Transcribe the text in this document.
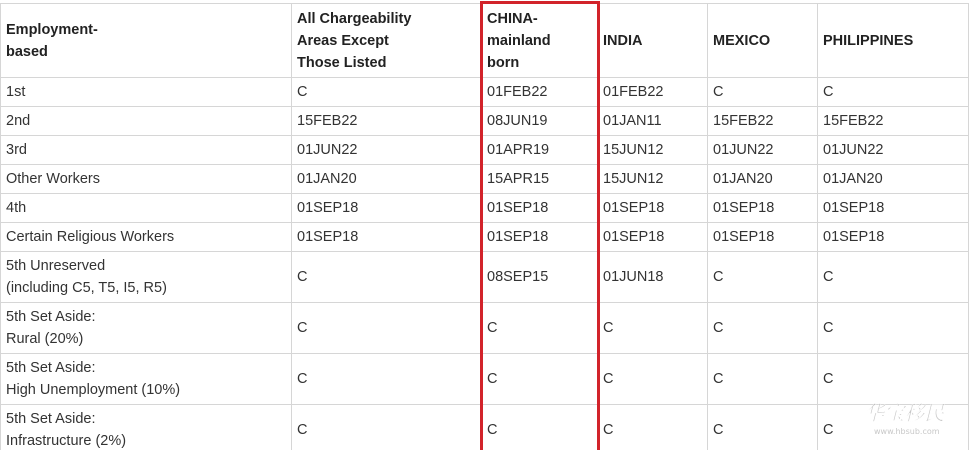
Employment-
based	All Chargeability
Areas Except
Those Listed	CHINA-
mainland
born	INDIA	MEXICO	PHILIPPINES
1st	C	01FEB22	01FEB22	C	C
2nd	15FEB22	08JUN19	01JAN11	15FEB22	15FEB22
3rd	01JUN22	01APR19	15JUN12	01JUN22	01JUN22
Other Workers	01JAN20	15APR15	15JUN12	01JAN20	01JAN20
4th	01SEP18	01SEP18	01SEP18	01SEP18	01SEP18
Certain Religious Workers	01SEP18	01SEP18	01SEP18	01SEP18	01SEP18
5th Unreserved
(including C5, T5, I5, R5)	C	08SEP15	01JUN18	C	C
5th Set Aside:
Rural (20%)	C	C	C	C	C
5th Set Aside:
High Unemployment (10%)	C	C	C	C	C
5th Set Aside:
Infrastructure (2%)	C	C	C	C	C
华宝移民
www.hbsub.com
